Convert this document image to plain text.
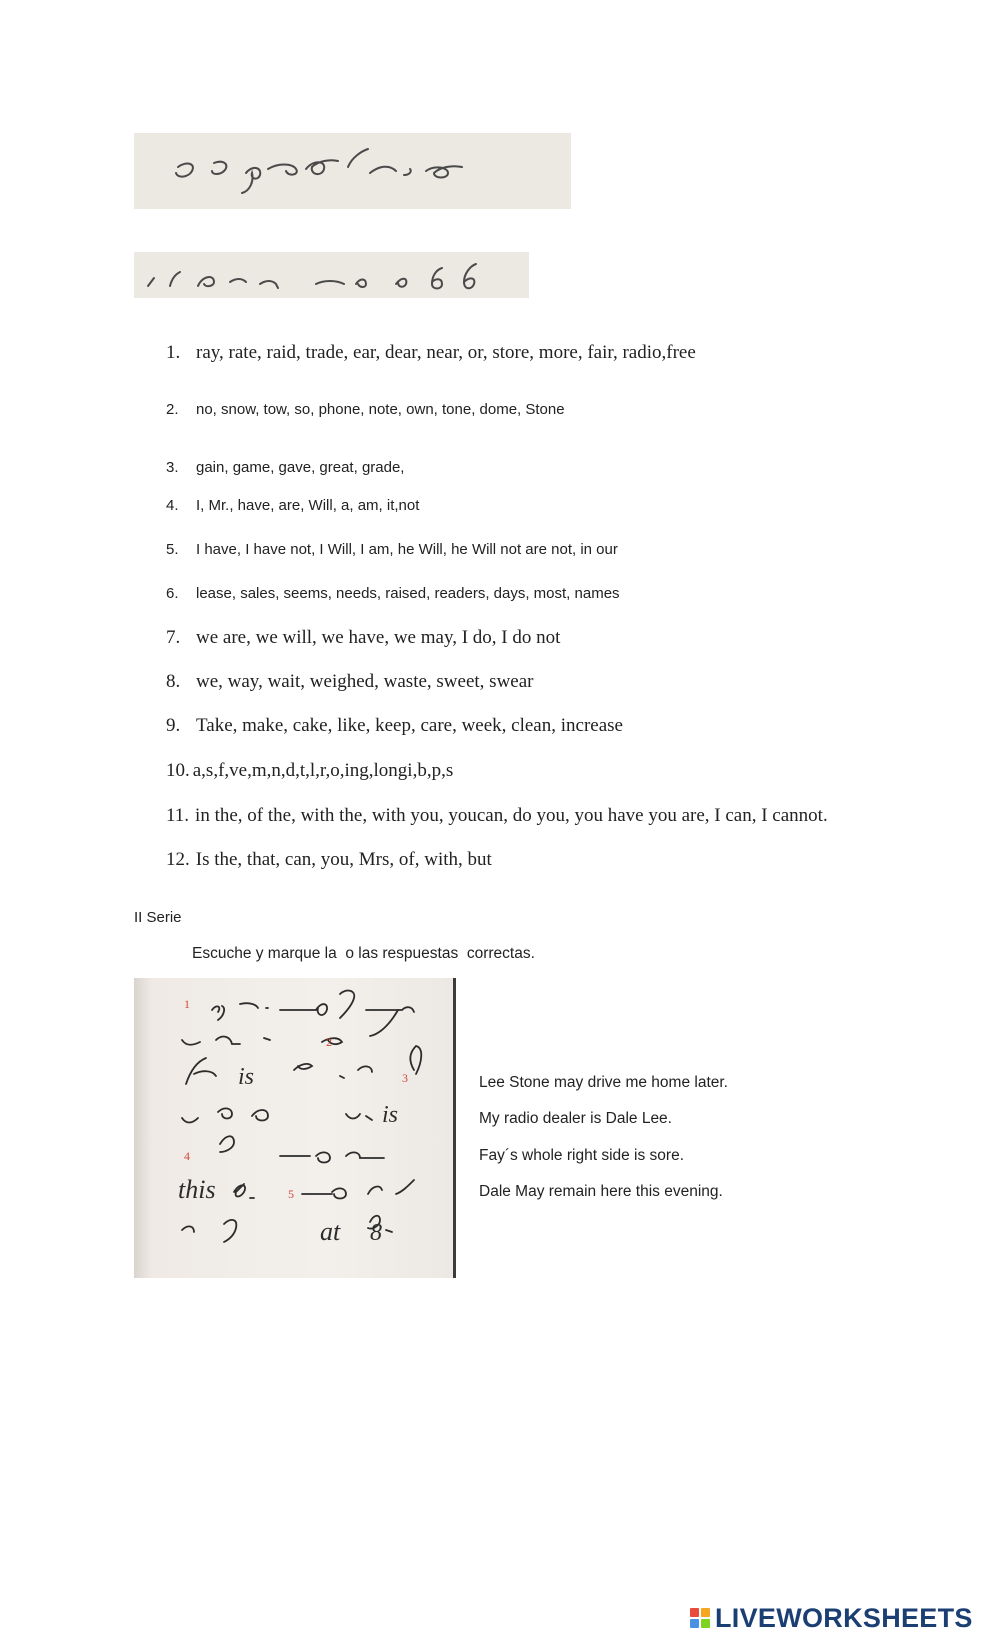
1. ray, rate, raid, trade, ear, dear, near, or, store, more, fair, radio,free
2.	no, snow, tow, so, phone, note, own, tone, dome, Stone
3.	gain, game, gave, great, grade,
4.	I, Mr., have, are, Will, a, am, it,not
5.	I have, I have not, I Will, I am, he Will, he Will not are not, in our
6.	lease, sales, seems, needs, raised, readers, days, most, names
7. we are, we will, we have, we may, I do, I do not
8. we, way, wait, weighed, waste, sweet, swear
9. Take, make, cake, like, keep, care, week, clean, increase
10. a,s,f,ve,m,n,d,t,l,r,o,ing,longi,b,p,s
11. in the, of the, with the, with you, youcan, do you, you have you are, I can, I cannot.
12. Is the, that, can, you, Mrs, of, with, but
II Serie
Escuche y marque la  o las respuestas  correctas.
is
is
this
at 8
1
2
3
4
5
Lee Stone may drive me home later.
My radio dealer is Dale Lee.
Fay´s whole right side is sore.
Dale May remain here this evening.
LIVEWORKSHEETS
